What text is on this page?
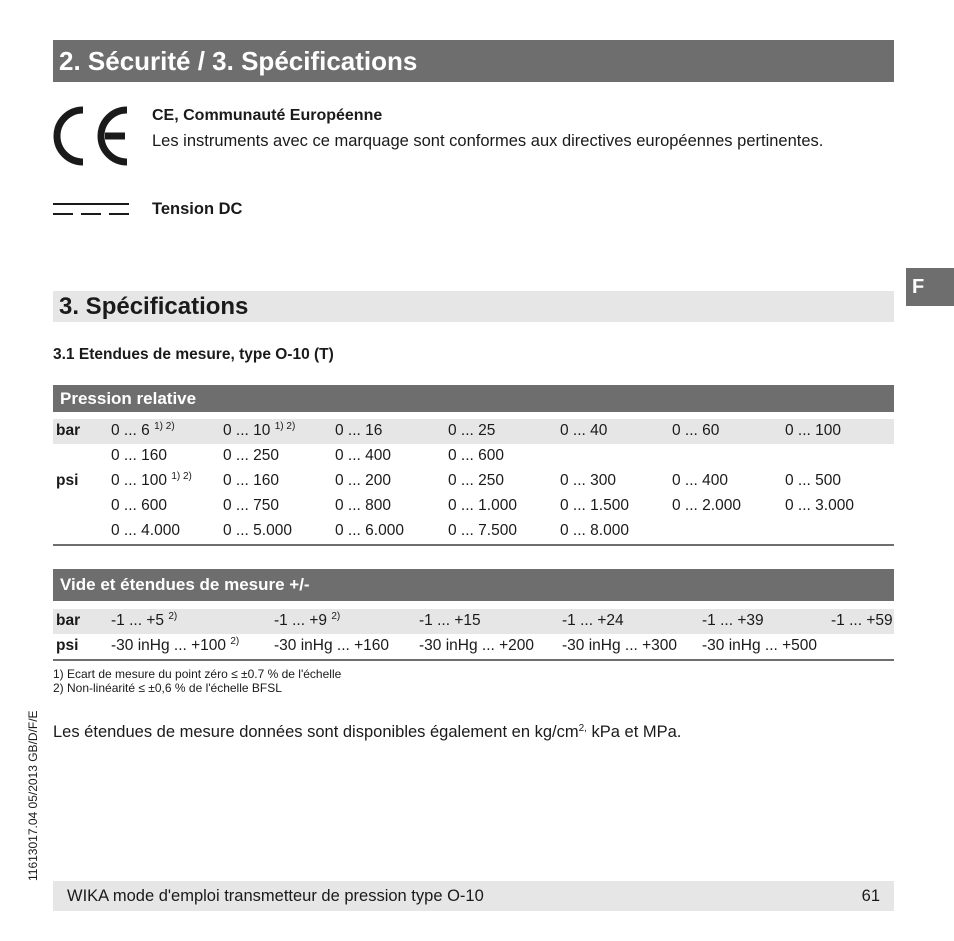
2. Sécurité / 3. Spécifications
CE, Communauté Européenne
Les instruments avec ce marquage sont conformes aux directives européennes pertinentes.
Tension DC
F
3. Spécifications
3.1 Etendues de mesure, type O-10 (T)
Pression relative
bar 0 ... 6 $^{1) 2)}$	0 ... 10 $^{1) 2)}$	0 ... 16	0 ... 25	0 ... 40	0 ... 60	0 ... 100
0 ... 160	0 ... 250	0 ... 400	0 ... 600
psi 0 ... 100 $^{1) 2)}$ 0 ... 160	0 ... 200	0 ... 250	0 ... 300	0 ... 400	0 ... 500
0 ... 600	0 ... 750	0 ... 800	0 ... 1.000	0 ... 1.500	0 ... 2.000	0 ... 3.000
0 ... 4.000	0 ... 5.000	0 ... 6.000	0 ... 7.500	0 ... 8.000
Vide et étendues de mesure +/-
bar -1 ... +5 $^{2)}$	-1 ... +9 $^{2)}$	-1 ... +15	-1 ... +24	-1 ... +39	-1 ... +59
psi -30 inHg ... +100 $^{2)}$ -30 inHg ... +160 -30 inHg ... +200 -30 inHg ... +300 -30 inHg ... +500
1) Ecart de mesure du point zéro ≤ ±0.7 % de l'échelle
2) Non-linéarité ≤ ±0,6 % de l'échelle BFSL
Les étendues de mesure données sont disponibles également en $kg/cm^{2,}$ kPa et MPa.
11613017.04 05/2013 GB/D/F/E
WIKA mode d'emploi transmetteur de pression type O-10	61
